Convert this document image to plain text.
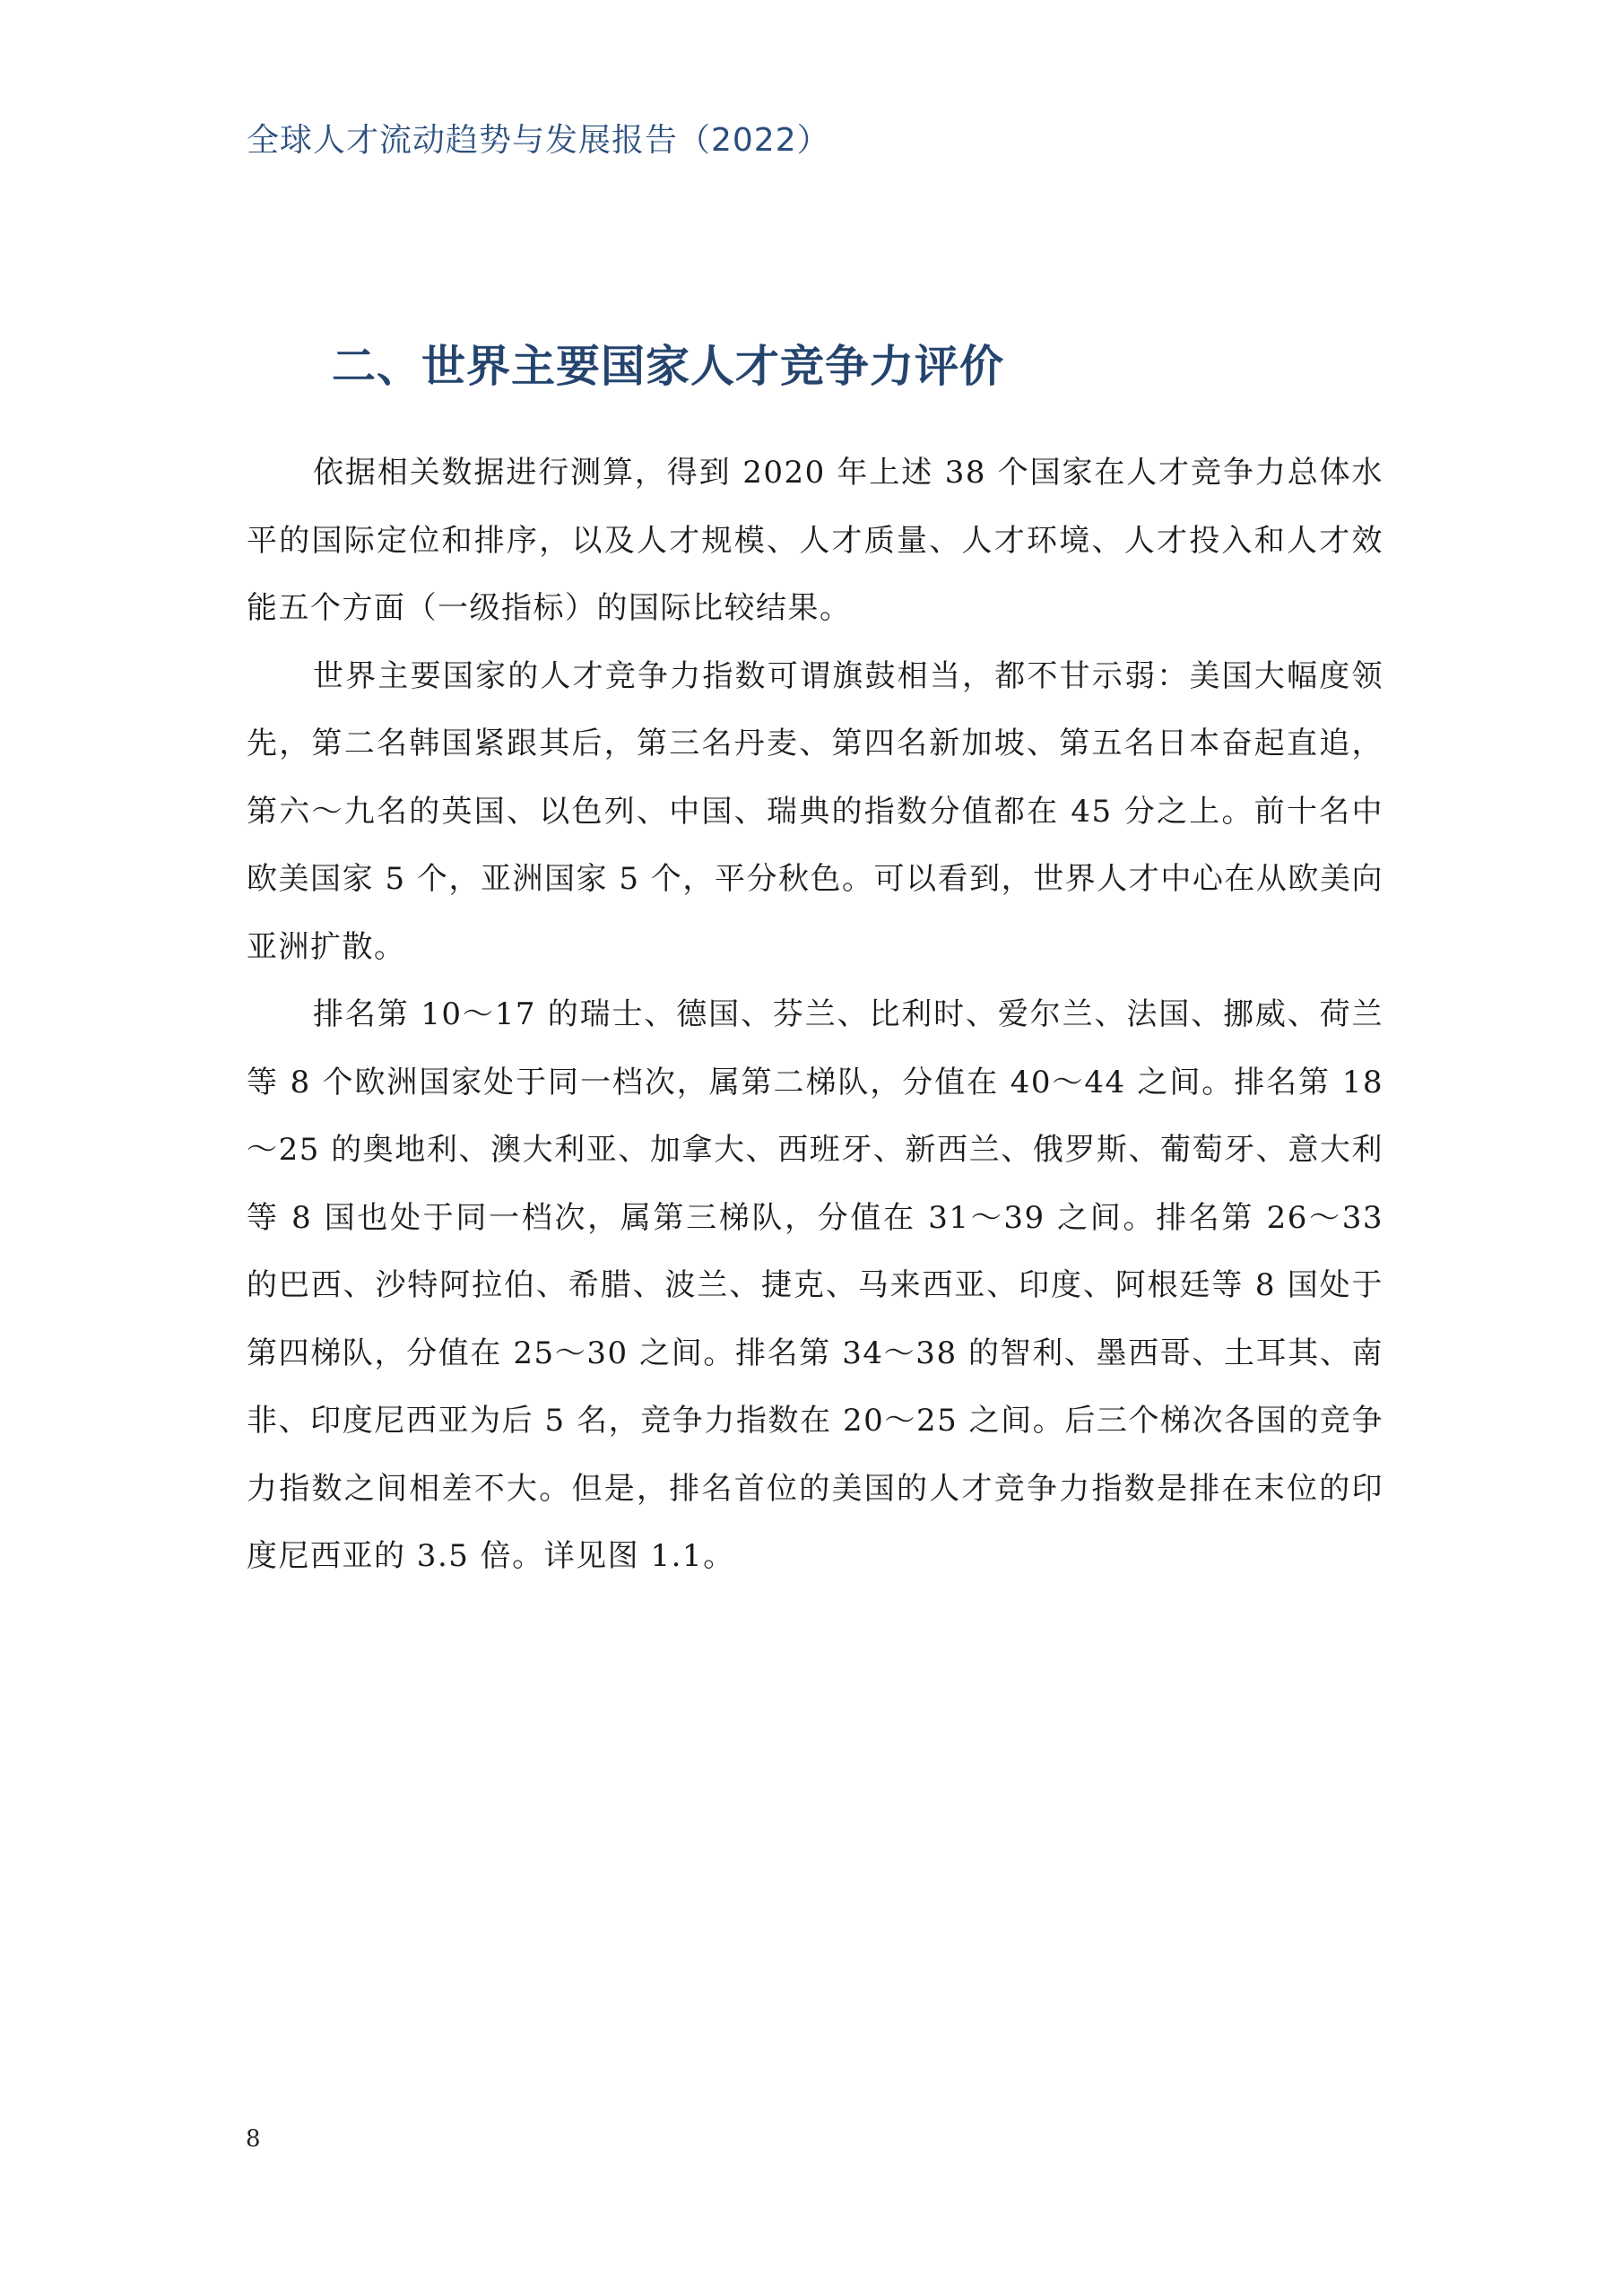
全球人才流动趋势与发展报告（2022）
二、世界主要国家人才竞争力评价

依据相关数据进行测算，得到 2020 年上述 38 个国家在人才竞争力总体水平的国际定位和排序，以及人才规模、人才质量、人才环境、人才投入和人才效能五个方面（一级指标）的国际比较结果。

世界主要国家的人才竞争力指数可谓旗鼓相当，都不甘示弱：美国大幅度领先，第二名韩国紧跟其后，第三名丹麦、第四名新加坡、第五名日本奋起直追，第六～九名的英国、以色列、中国、瑞典的指数分值都在 45 分之上。前十名中欧美国家 5 个，亚洲国家 5 个，平分秋色。可以看到，世界人才中心在从欧美向亚洲扩散。

排名第 10～17 的瑞士、德国、芬兰、比利时、爱尔兰、法国、挪威、荷兰等 8 个欧洲国家处于同一档次，属第二梯队，分值在 40～44 之间。排名第 18～25 的奥地利、澳大利亚、加拿大、西班牙、新西兰、俄罗斯、葡萄牙、意大利等 8 国也处于同一档次，属第三梯队，分值在 31～39 之间。排名第 26～33 的巴西、沙特阿拉伯、希腊、波兰、捷克、马来西亚、印度、阿根廷等 8 国处于第四梯队，分值在 25～30 之间。排名第 34～38 的智利、墨西哥、土耳其、南非、印度尼西亚为后 5 名，竞争力指数在 20～25 之间。后三个梯次各国的竞争力指数之间相差不大。但是，排名首位的美国的人才竞争力指数是排在末位的印度尼西亚的 3.5 倍。详见图 1.1。

8
